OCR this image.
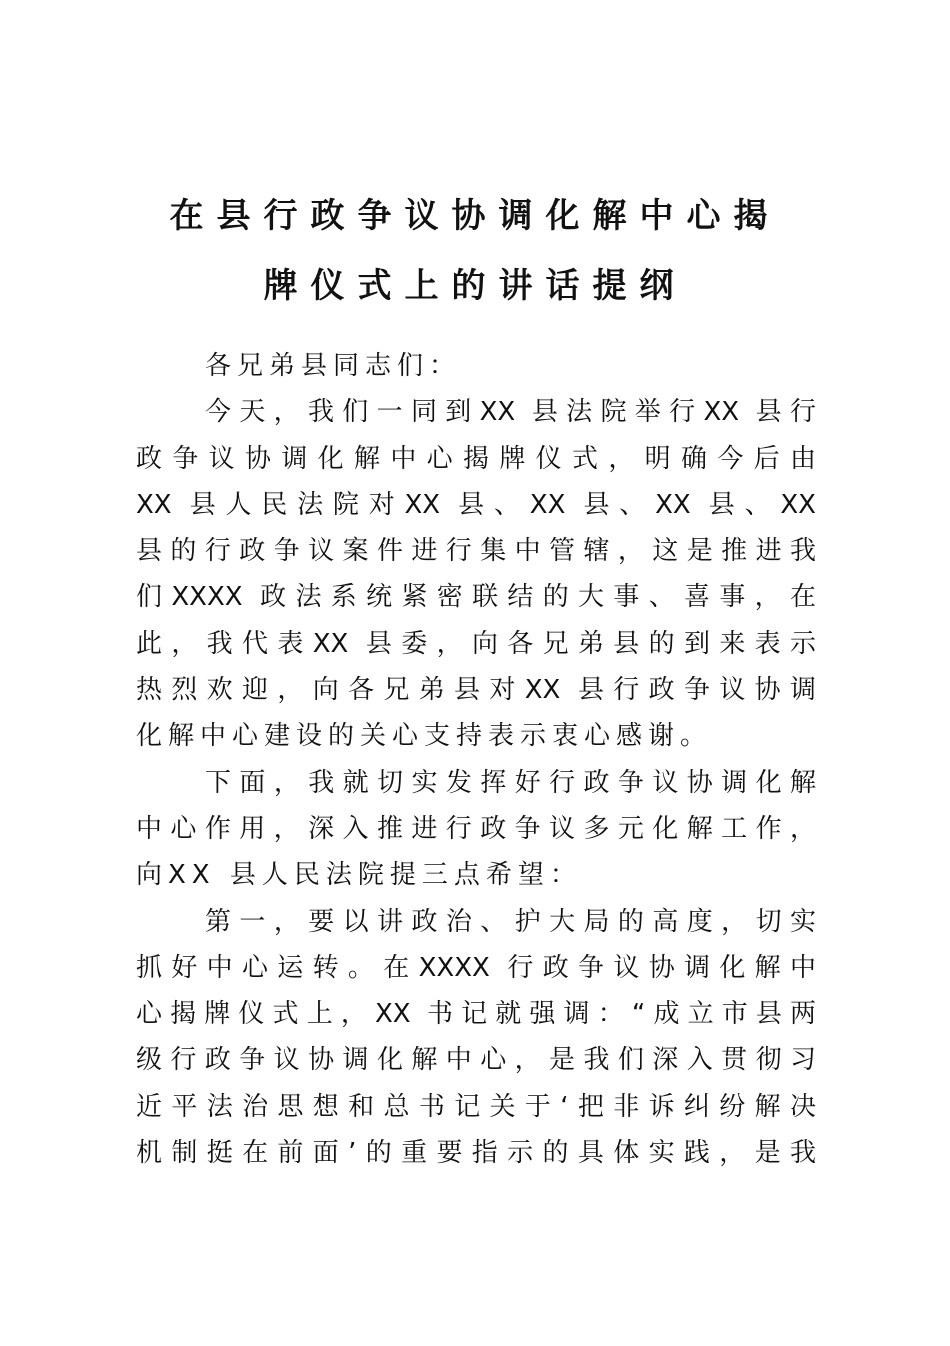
在县行政争议协调化解中心揭
牌仪式上的讲话提纲
各兄弟县同志们：
今天，我们一同到XX 县法院举行XX 县行
政争议协调化解中心揭牌仪式，明确今后由
XX 县人民法院对XX 县、XX 县、XX 县、XX
县的行政争议案件进行集中管辖，这是推进我
们XXXX 政法系统紧密联结的大事、喜事，在
此，我代表XX 县委，向各兄弟县的到来表示
热烈欢迎，向各兄弟县对XX 县行政争议协调
化解中心建设的关心支持表示衷心感谢。
下面，我就切实发挥好行政争议协调化解
中心作用，深入推进行政争议多元化解工作，
向XX 县人民法院提三点希望：
第一，要以讲政治、护大局的高度，切实
抓好中心运转。在XXXX 行政争议协调化解中
心揭牌仪式上，XX 书记就强调：“成立市县两
级行政争议协调化解中心，是我们深入贯彻习
近平法治思想和总书记关于‘把非诉纠纷解决
机制挺在前面’的重要指示的具体实践，是我
